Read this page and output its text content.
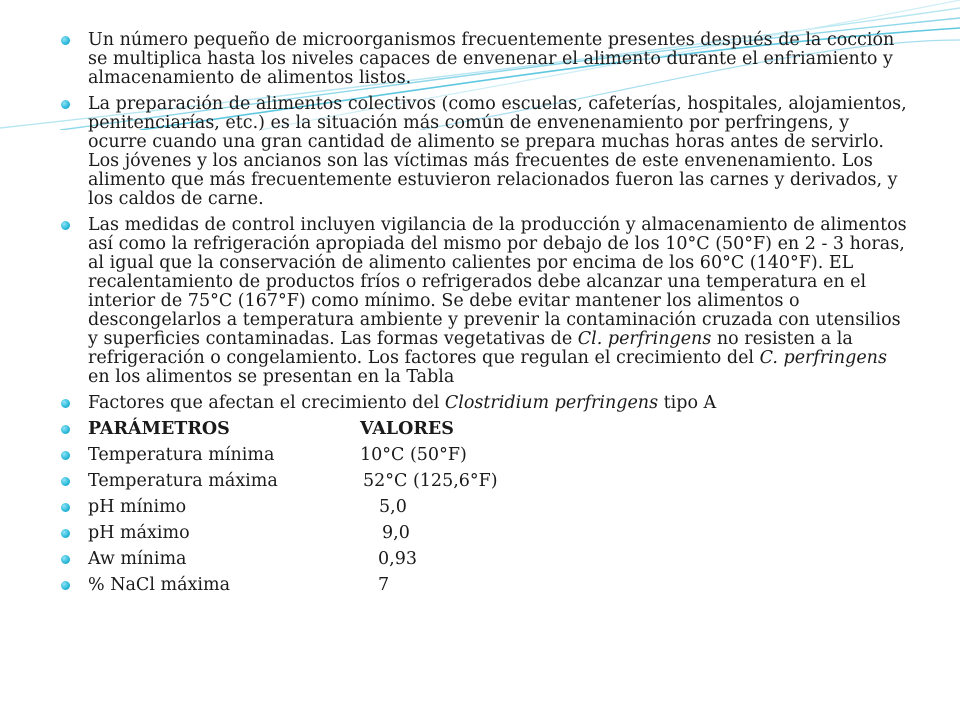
Un número pequeño de microorganismos frecuentemente presentes después de la cocción se multiplica hasta los niveles capaces de envenenar el alimento durante el enfriamiento y almacenamiento de alimentos listos.
La preparación de alimentos colectivos (como escuelas, cafeterías, hospitales, alojamientos, penitenciarías, etc.) es la situación más común de envenenamiento por perfringens, y ocurre cuando una gran cantidad de alimento se prepara muchas horas antes de servirlo. Los jóvenes y los ancianos son las víctimas más frecuentes de este envenenamiento. Los alimento que más frecuentemente estuvieron relacionados fueron las carnes y derivados, y los caldos de carne.
Las medidas de control incluyen vigilancia de la producción y almacenamiento de alimentos así como la refrigeración apropiada del mismo por debajo de los 10°C (50°F) en 2 - 3 horas, al igual que la conservación de alimento calientes por encima de los 60°C (140°F). EL recalentamiento de productos fríos o refrigerados debe alcanzar una temperatura en el interior de 75°C (167°F) como mínimo. Se debe evitar mantener los alimentos o descongelarlos a temperatura ambiente y prevenir la contaminación cruzada con utensilios y superficies contaminadas. Las formas vegetativas de Cl. perfringens no resisten a la refrigeración o congelamiento. Los factores que regulan el crecimiento del C. perfringens en los alimentos se presentan en la Tabla
Factores que afectan el crecimiento del Clostridium perfringens tipo A
PARÁMETROS	VALORES
Temperatura mínima	10°C (50°F)
Temperatura máxima	52°C (125,6°F)
pH mínimo	5,0
pH máximo	9,0
Aw mínima	0,93
% NaCl máxima	7
